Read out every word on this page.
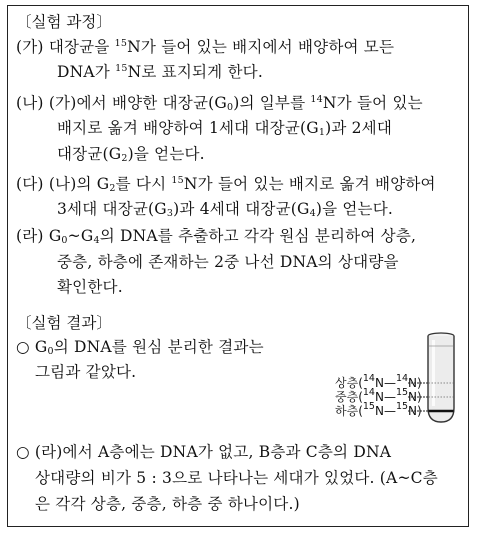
〔실험 과정〕
(가) 대장균을 $^{15}$N가 들어 있는 배지에서 배양하여 모든
DNA가 $^{15}$N로 표지되게 한다.
(나) (가)에서 배양한 대장균$(G_0)$의 일부를 $^{14}$N가 들어 있는
배지로 옮겨 배양하여 1세대 대장균$(G_1)$과 2세대
대장균$(G_2)$을 얻는다.
(다) (나)의 $G_2$를 다시 $^{15}$N가 들어 있는 배지로 옮겨 배양하여
3세대 대장균$(G_3)$과 4세대 대장균$(G_4)$을 얻는다.
(라) $G_0\sim G_4$의 DNA를 추출하고 각각 원심 분리하여 상층,
중층, 하층에 존재하는 2중 나선 DNA의 상대량을
확인한다.
〔실험 결과〕
○ $G_0$의 DNA를 원심 분리한 결과는
그림과 같았다.
상층($^{14}$N—$^{14}$N)
중층($^{14}$N—$^{15}$N)
하층($^{15}$N—$^{15}$N)
○ (라)에서 A층에는 DNA가 없고, B층과 C층의 DNA
상대량의 비가 5 : 3으로 나타나는 세대가 있었다. (A~C층
은 각각 상층, 중층, 하층 중 하나이다.)
